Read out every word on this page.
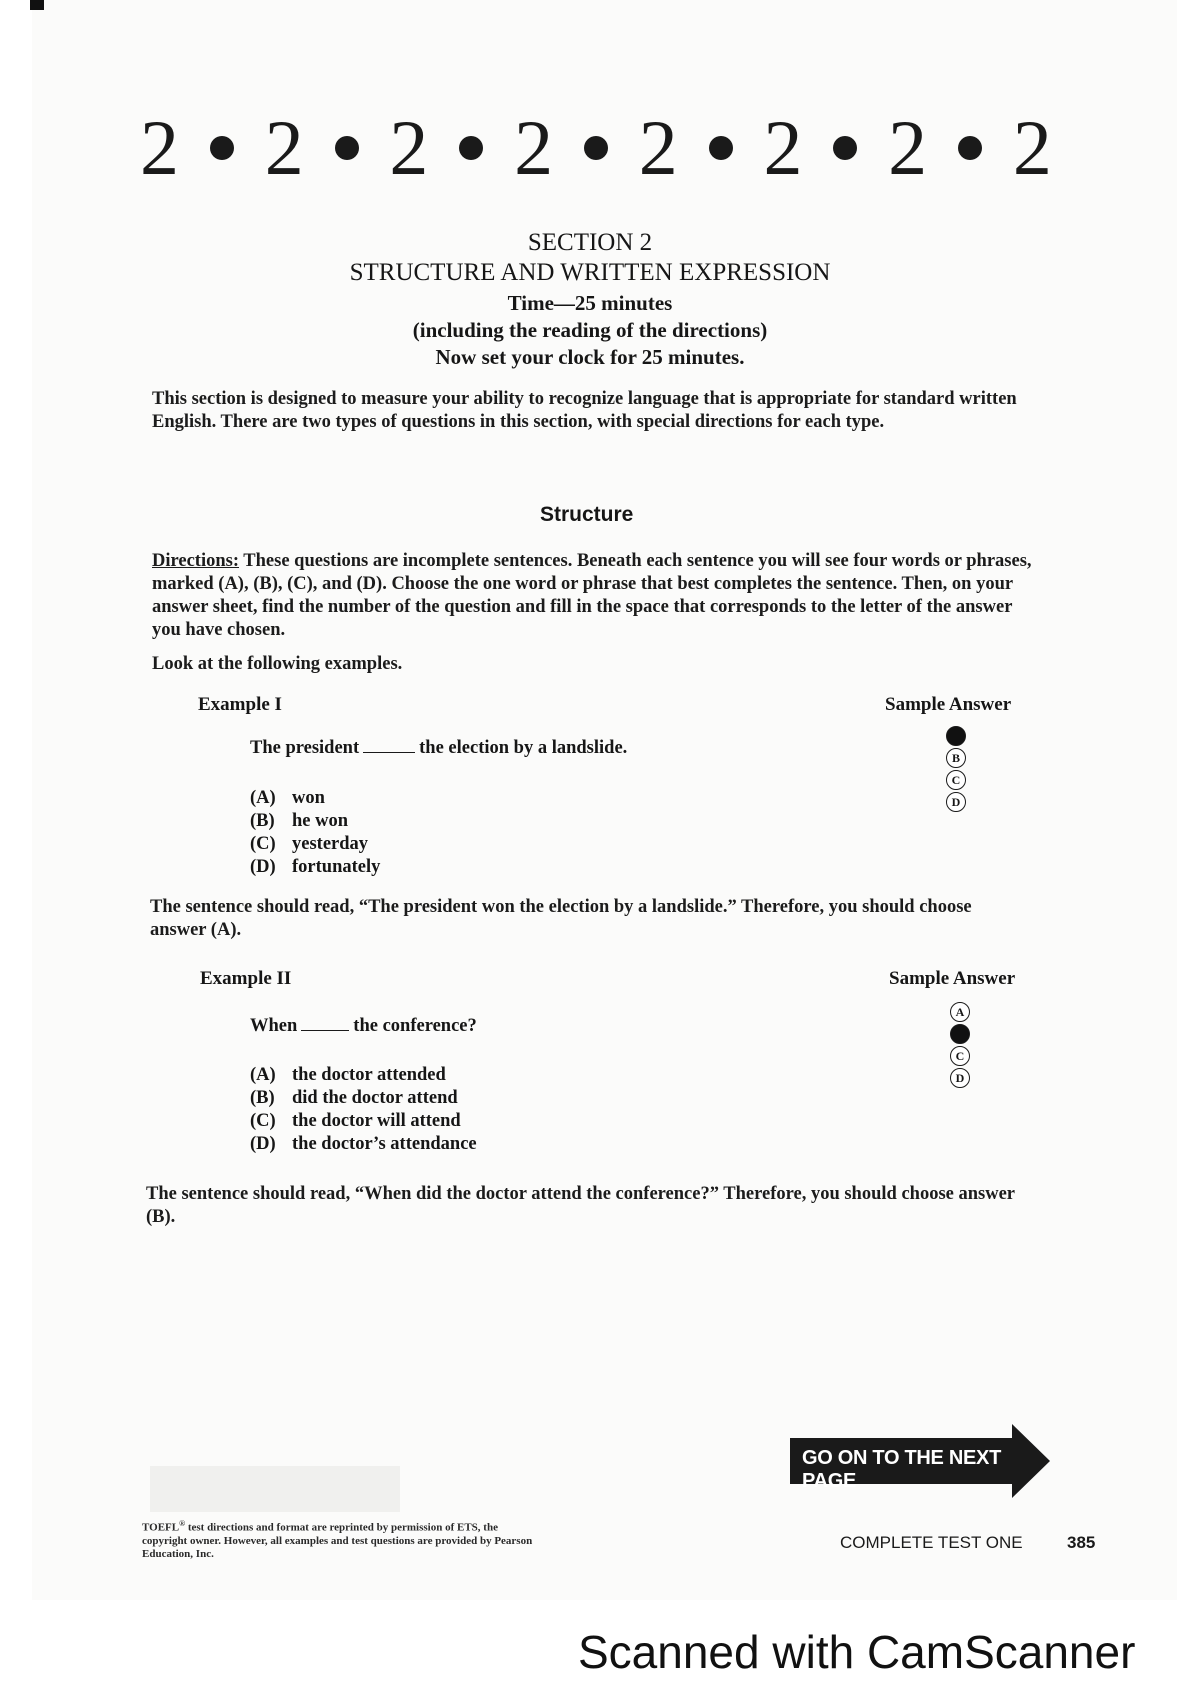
2 2 2 2 2 2 2 2
SECTION 2
STRUCTURE AND WRITTEN EXPRESSION
Time—25 minutes
(including the reading of the directions)
Now set your clock for 25 minutes.
This section is designed to measure your ability to recognize language that is appropriate for standard written English. There are two types of questions in this section, with special directions for each type.
Structure
Directions: These questions are incomplete sentences. Beneath each sentence you will see four words or phrases, marked (A), (B), (C), and (D). Choose the one word or phrase that best completes the sentence. Then, on your answer sheet, find the number of the question and fill in the space that corresponds to the letter of the answer you have chosen.
Look at the following examples.
Example I	Sample Answer
The president	the election by a landslide.
(A) won
(B) he won
(C) yesterday
(D) fortunately
B
C
D
The sentence should read, “The president won the election by a landslide.” Therefore, you should choose answer (A).
Example II	Sample Answer
When	the conference?
(A) the doctor attended
(B) did the doctor attend
(C) the doctor will attend
(D) the doctor’s attendance
A
C
D
The sentence should read, “When did the doctor attend the conference?” Therefore, you should choose answer (B).
GO ON TO THE NEXT PAGE
TOEFL® test directions and format are reprinted by permission of ETS, the copyright owner. However, all examples and test questions are provided by Pearson Education, Inc.
COMPLETE TEST ONE	385
Scanned with CamScanner
